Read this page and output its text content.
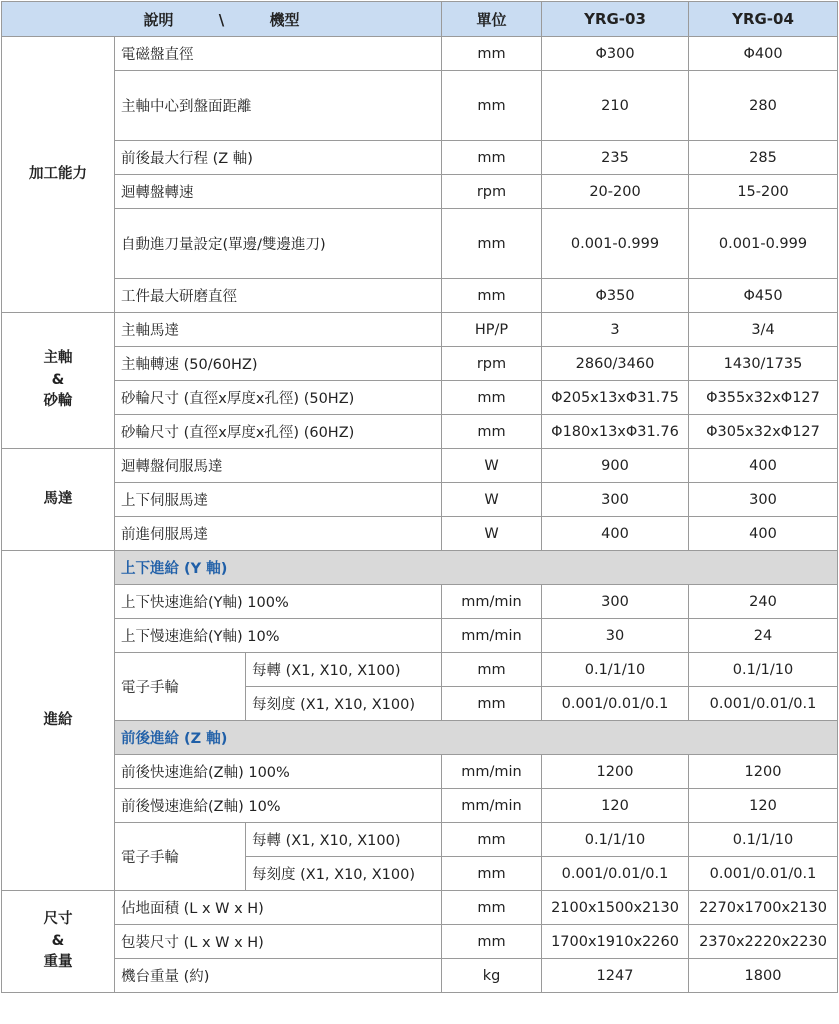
說明 \ 機型			單位	YRG-03	YRG-04
加工能力	電磁盤直徑		mm	Φ300	Φ400
	主軸中心到盤面距離		mm	210	280
	前後最大行程 (Z 軸)		mm	235	285
	迴轉盤轉速		rpm	20-200	15-200
	自動進刀量設定(單邊/雙邊進刀)		mm	0.001-0.999	0.001-0.999
	工件最大研磨直徑		mm	Φ350	Φ450
主軸
&
砂輪	主軸馬達		HP/P	3	3/4
	主軸轉速 (50/60HZ)		rpm	2860/3460	1430/1735
	砂輪尺寸 (直徑x厚度x孔徑) (50HZ)		mm	Φ205x13xΦ31.75	Φ355x32xΦ127
	砂輪尺寸 (直徑x厚度x孔徑) (60HZ)		mm	Φ180x13xΦ31.76	Φ305x32xΦ127
馬達	迴轉盤伺服馬達		W	900	400
	上下伺服馬達		W	300	300
	前進伺服馬達		W	400	400
進給	上下進給 (Y 軸)				
	上下快速進給(Y軸) 100%		mm/min	300	240
	上下慢速進給(Y軸) 10%		mm/min	30	24
	電子手輪	每轉 (X1, X10, X100)	mm	0.1/1/10	0.1/1/10
		每刻度 (X1, X10, X100)	mm	0.001/0.01/0.1	0.001/0.01/0.1
	前後進給 (Z 軸)				
	前後快速進給(Z軸) 100%		mm/min	1200	1200
	前後慢速進給(Z軸) 10%		mm/min	120	120
	電子手輪	每轉 (X1, X10, X100)	mm	0.1/1/10	0.1/1/10
		每刻度 (X1, X10, X100)	mm	0.001/0.01/0.1	0.001/0.01/0.1
尺寸
&
重量	佔地面積 (L x W x H)		mm	2100x1500x2130	2270x1700x2130
	包裝尺寸 (L x W x H)		mm	1700x1910x2260	2370x2220x2230
	機台重量 (約)		kg	1247	1800
